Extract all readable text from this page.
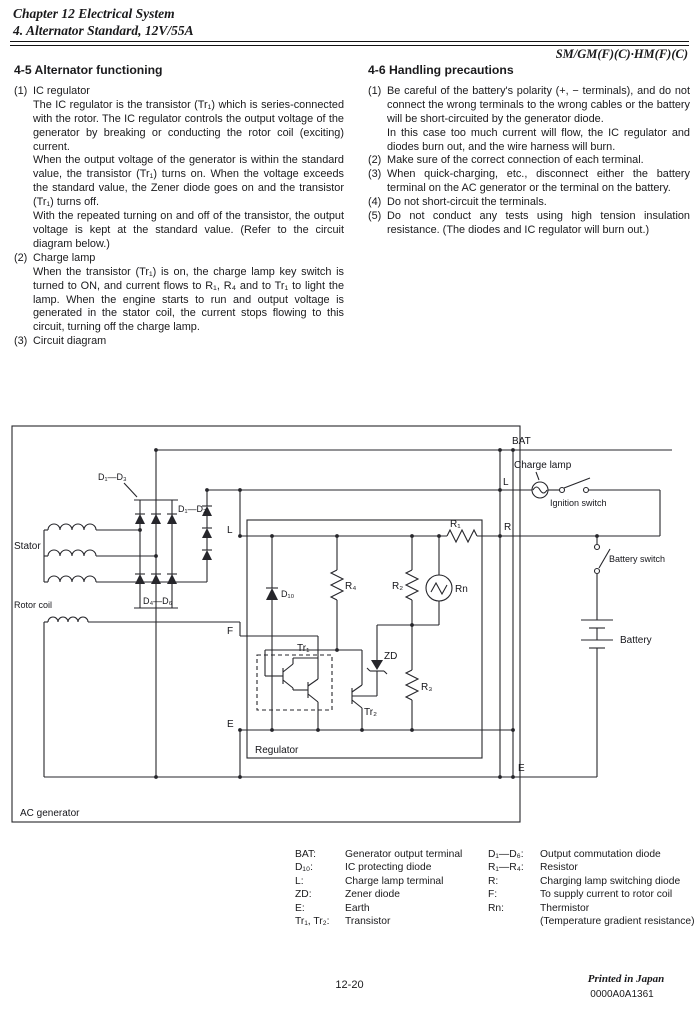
Chapter 12 Electrical System
4. Alternator Standard, 12V/55A
SM/GM(F)(C)·HM(F)(C)
4-5 Alternator functioning
(1) IC regulator

The IC regulator is the transistor (Tr₁) which is series-connected with the rotor. The IC regulator controls the output voltage of the generator by breaking or conducting the rotor coil (exciting) current.

When the output voltage of the generator is within the standard value, the transistor (Tr₁) turns on. When the voltage exceeds the standard value, the Zener diode goes on and the transistor (Tr₁) turns off.

With the repeated turning on and off of the transistor, the output voltage is kept at the standard value. (Refer to the circuit diagram below.)

(2) Charge lamp

When the transistor (Tr₁) is on, the charge lamp key switch is turned to ON, and current flows to R₁, R₄ and to Tr₁ to light the lamp. When the engine starts to run and output voltage is generated in the stator coil, the current stops flowing to this circuit, turning off the charge lamp.

(3) Circuit diagram
4-6 Handling precautions
(1) Be careful of the battery's polarity (+, − terminals), and do not connect the wrong terminals to the wrong cables or the battery will be short-circuited by the generator diode.

In this case too much current will flow, the IC regulator and diodes burn out, and the wire harness will burn.

(2) Make sure of the correct connection of each terminal.

(3) When quick-charging, etc., disconnect either the battery terminal on the AC generator or the terminal on the battery.

(4) Do not short-circuit the terminals.

(5) Do not conduct any tests using high tension insulation resistance. (The diodes and IC regulator will burn out.)

BAT
Charge lamp
L
Ignition switch
Battery switch
Battery
D₁—D₃
D₁—D₃
D₄—D₆
Stator
Rotor coil
L
F
E
E
R₁	R
D₁₀
R₄	R₂	Rn
Tr₁
Tr₂
ZD
R₃
Regulator
AC generator
BAT:	Generator output terminal
D₁₀:	IC protecting diode
L:	Charge lamp terminal
ZD:	Zener diode
E:	Earth
Tr₁, Tr₂:	Transistor
D₁—D₆:	Output commutation diode
R₁—R₄:	Resistor
R:	Charging lamp switching diode
F:	To supply current to rotor coil
Rn:	Thermistor
(Temperature gradient resistance)
12-20	Printed in Japan
0000A0A1361
